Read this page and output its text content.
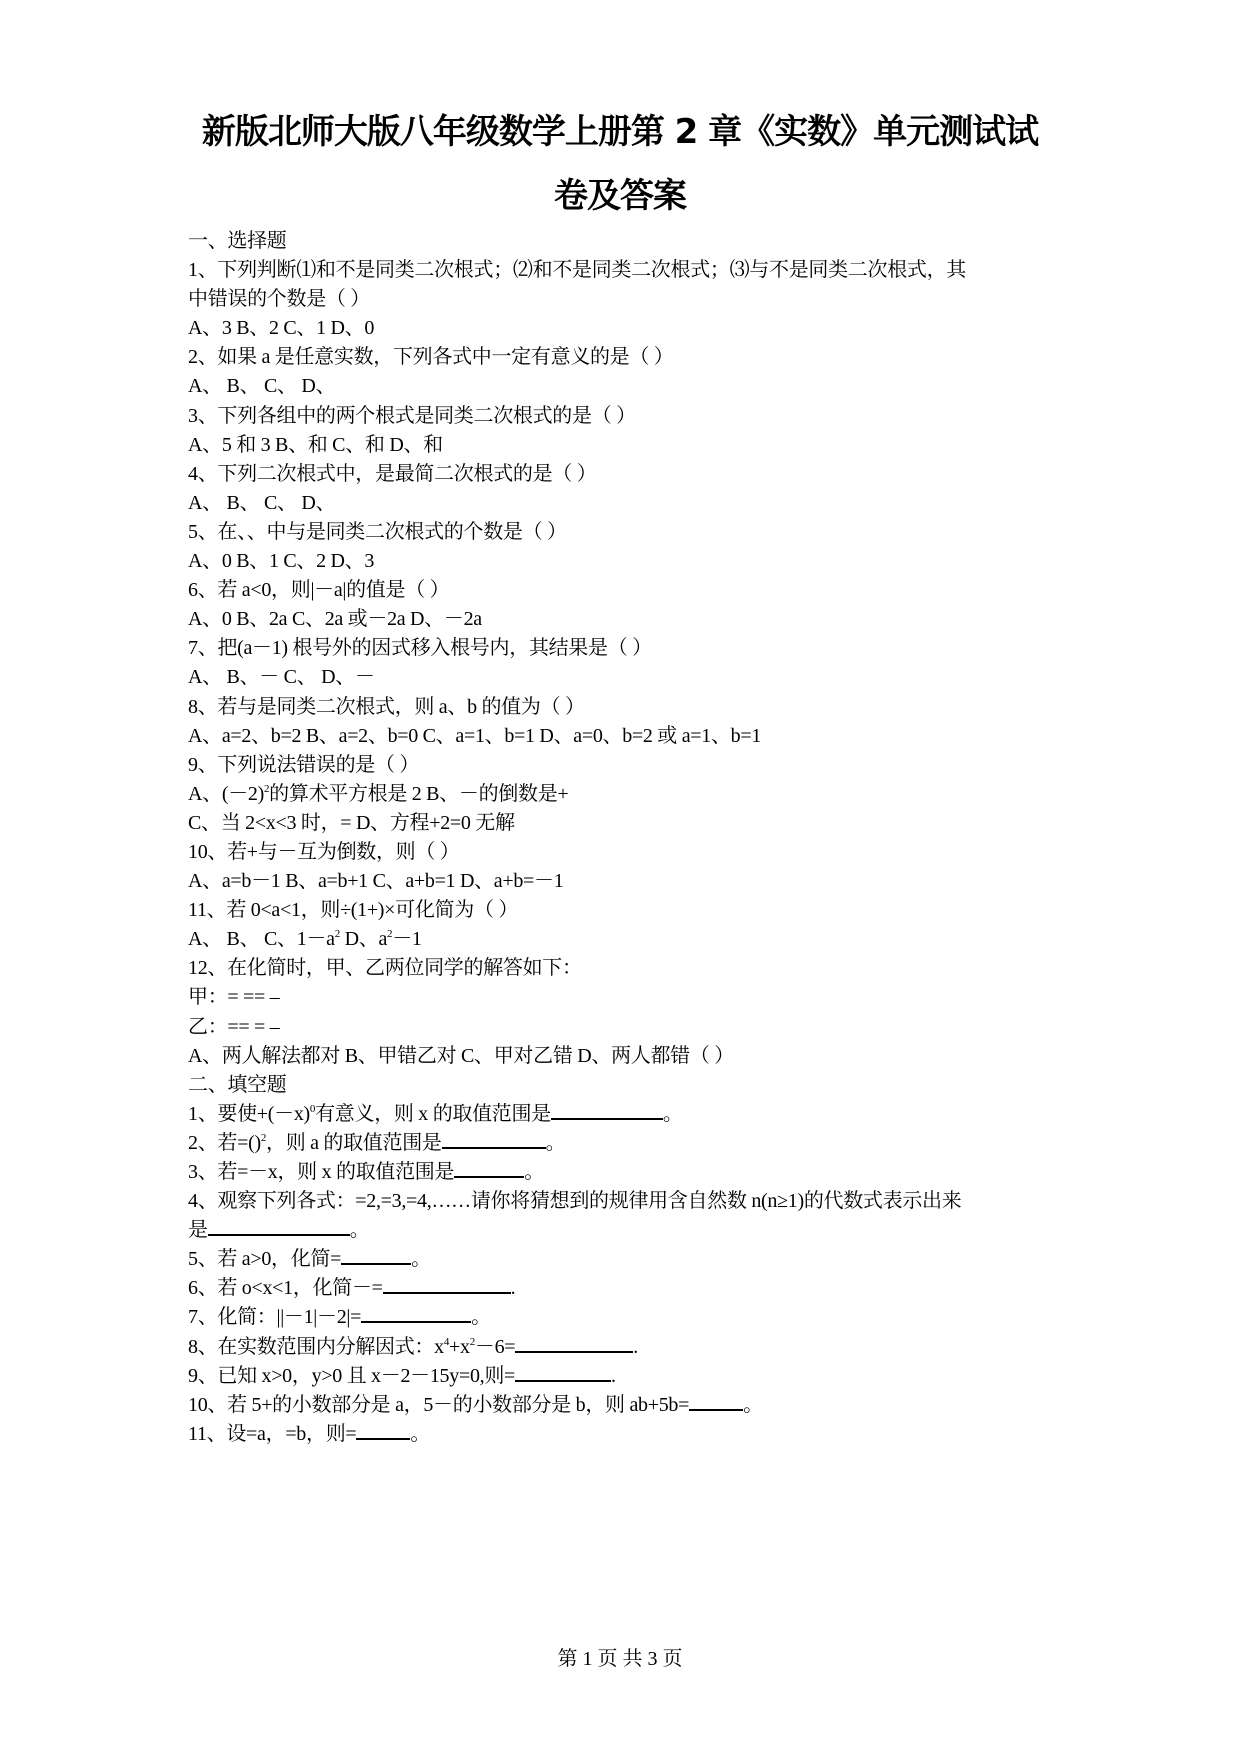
新版北师大版八年级数学上册第 2 章《实数》单元测试试
卷及答案
一、选择题
1、下列判断⑴和不是同类二次根式；⑵和不是同类二次根式；⑶与不是同类二次根式，其
中错误的个数是（ ）
A、3 B、2 C、1 D、0
2、如果 a 是任意实数，下列各式中一定有意义的是（ ）
A、 B、 C、 D、
3、下列各组中的两个根式是同类二次根式的是（ ）
A、5 和 3 B、和 C、和 D、和
4、下列二次根式中，是最简二次根式的是（ ）
A、 B、 C、 D、
5、在、、中与是同类二次根式的个数是（ ）
A、0 B、1 C、2 D、3
6、若 a<0，则|－a|的值是（ ）
A、0 B、2a C、2a 或－2a D、－2a
7、把(a－1) 根号外的因式移入根号内，其结果是（ ）
A、 B、－ C、 D、－
8、若与是同类二次根式，则 a、b 的值为（ ）
A、a=2、b=2 B、a=2、b=0 C、a=1、b=1 D、a=0、b=2 或 a=1、b=1
9、下列说法错误的是（ ）
A、$(-2)^2$的算术平方根是 2 B、－的倒数是+
C、当 2<x<3 时，= D、方程+2=0 无解
10、若+与－互为倒数，则（ ）
A、a=b－1 B、a=b+1 C、a+b=1 D、a+b=－1
11、若 0<a<1，则÷(1+)×可化简为（ ）
A、 B、 C、$1-a^2$ D、$a^2-1$
12、在化简时，甲、乙两位同学的解答如下：
甲：= == –
乙：== = –
A、两人解法都对 B、甲错乙对 C、甲对乙错 D、两人都错（ ）
二、填空题
1、要使$+(-x)^0$有意义，则 x 的取值范围是	。
2、若=()$^2$，则 a 的取值范围是	。
3、若=－x，则 x 的取值范围是	。
4、观察下列各式：=2,=3,=4,……请你将猜想到的规律用含自然数 n(n≥1)的代数式表示出来
是	。
5、若 a>0，化简=	。
6、若 o<x<1，化简－=	.
7、化简：||－1|－2|=	。
8、在实数范围内分解因式：$x^4+x^2-6=$	.
9、已知 x>0，y>0 且 x－2－15y=0,则=	.
10、若 5+的小数部分是 a，5－的小数部分是 b，则 ab+5b=	。
11、设=a，=b，则=	。
第 1 页 共 3 页
